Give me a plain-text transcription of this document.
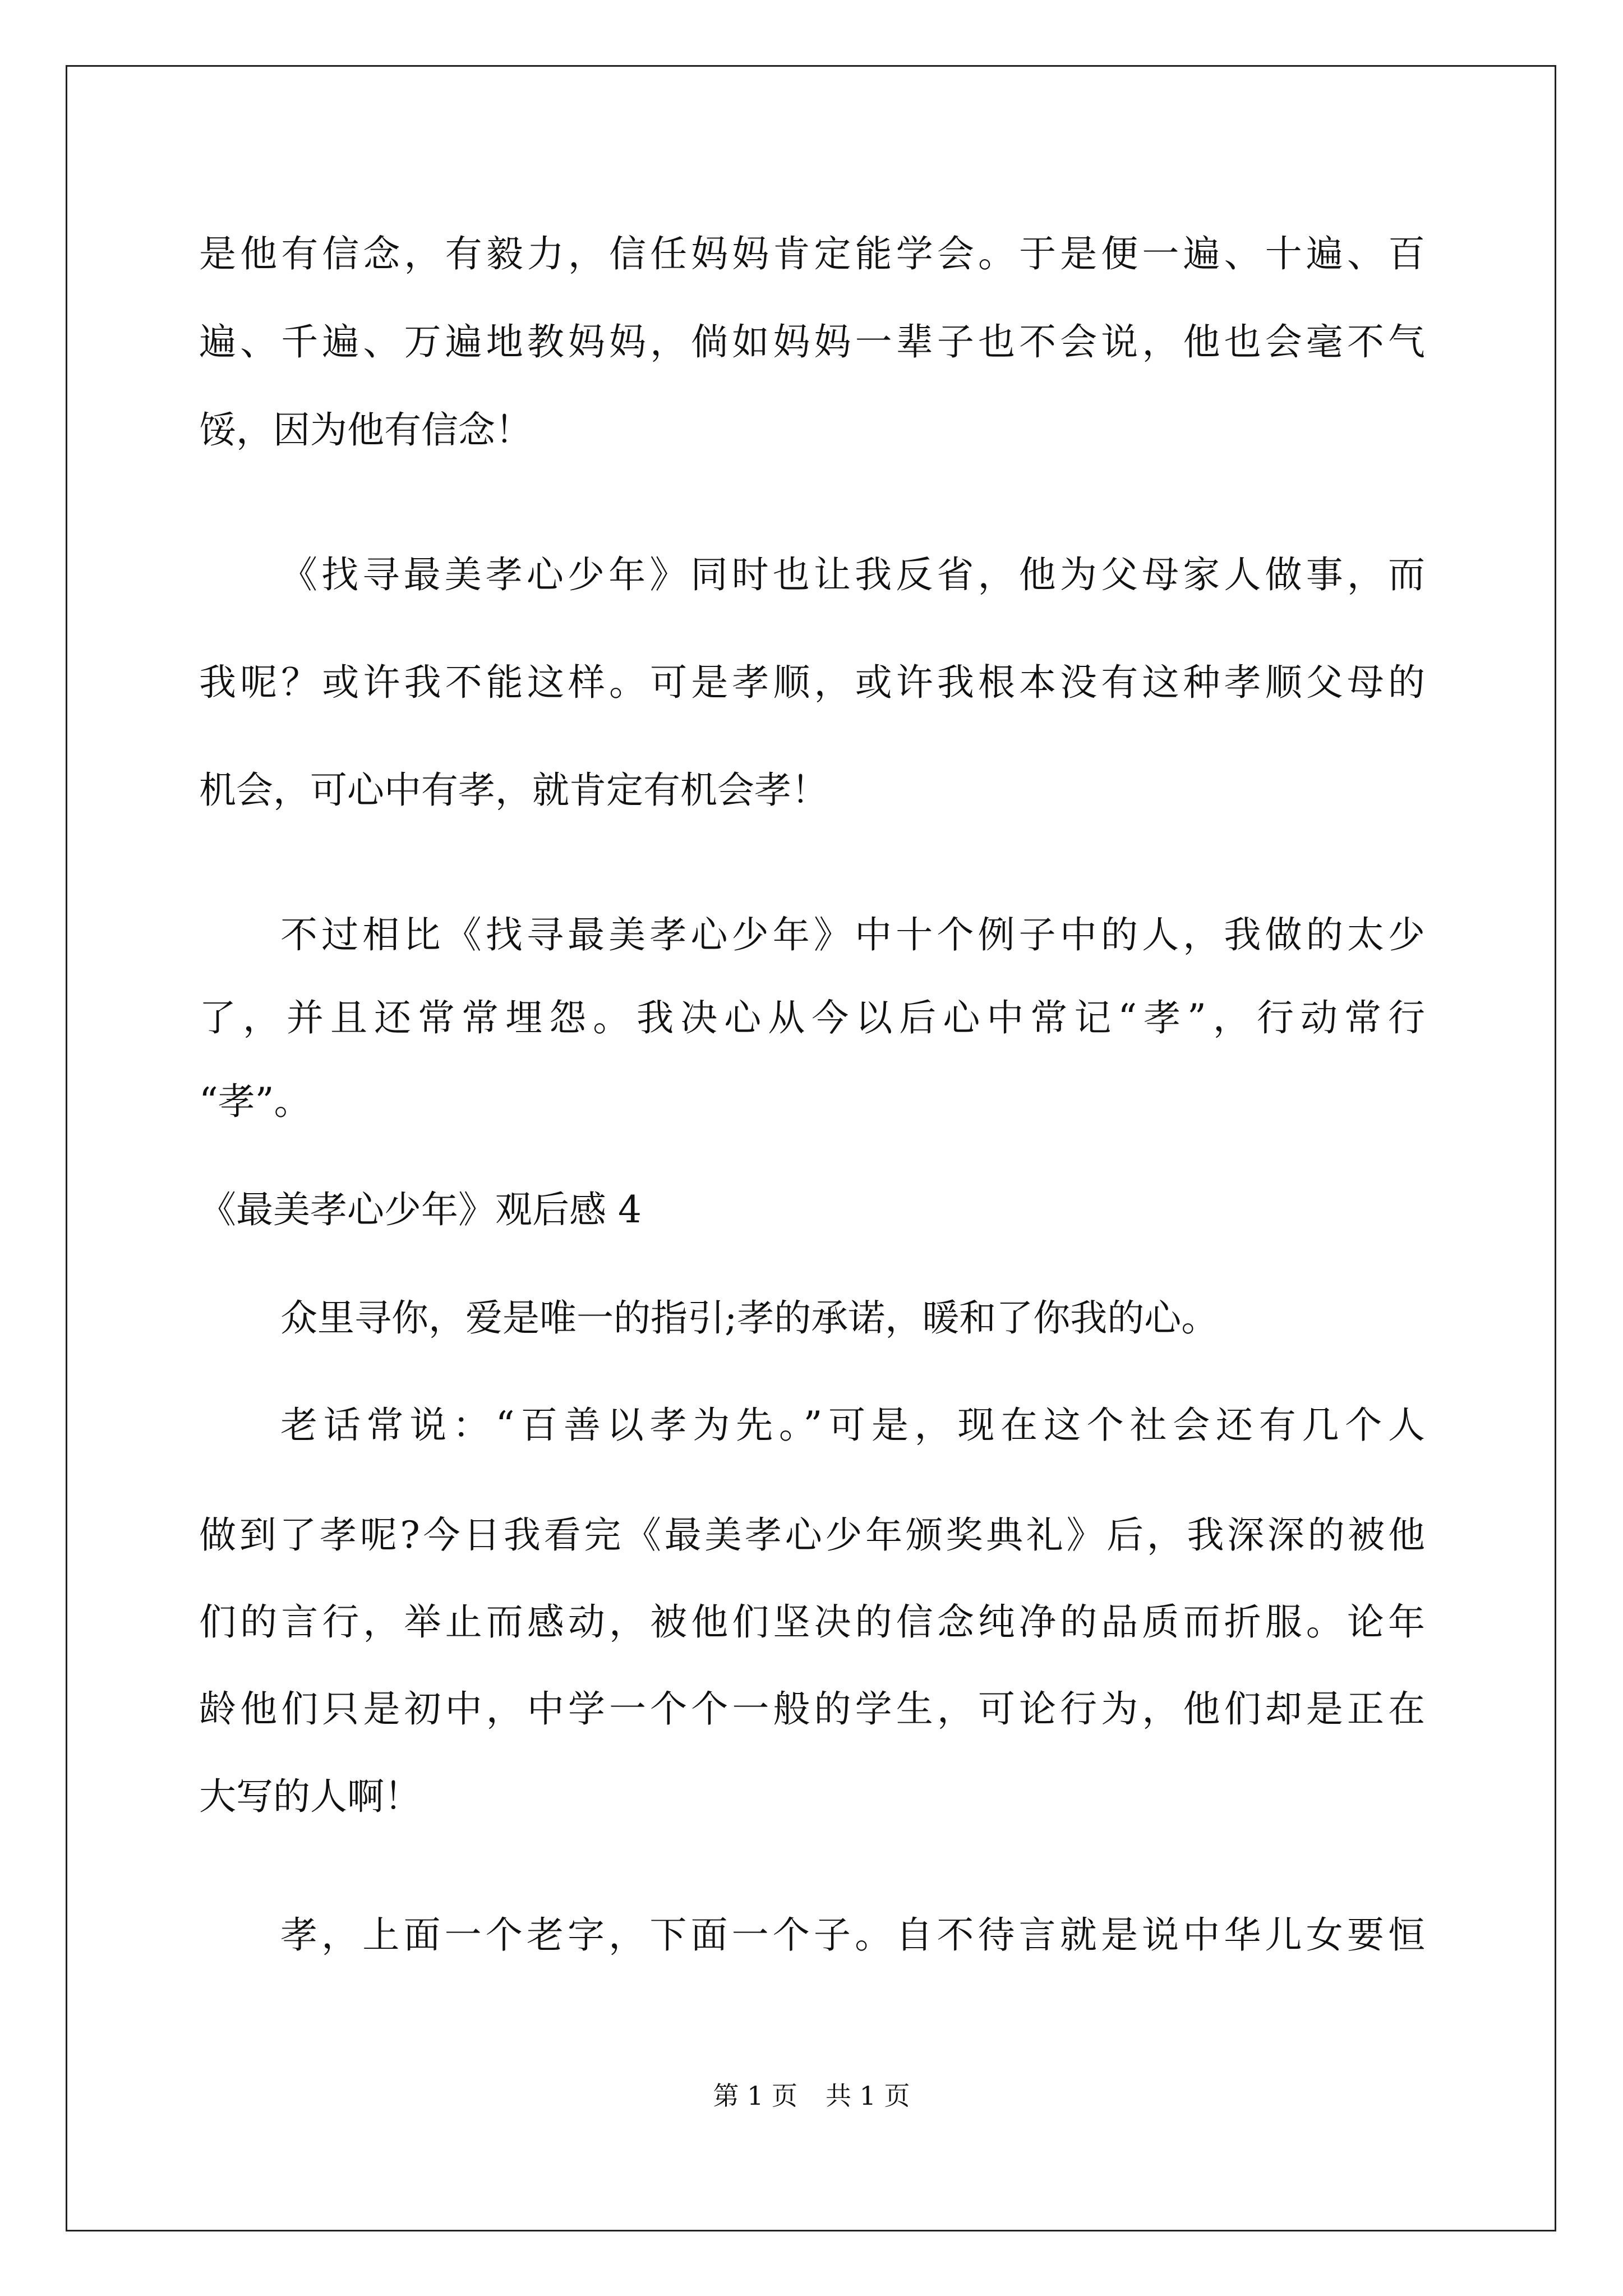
是他有信念，有毅力，信任妈妈肯定能学会。于是便一遍、十遍、百
遍、千遍、万遍地教妈妈，倘如妈妈一辈子也不会说，他也会毫不气
馁，因为他有信念！
《找寻最美孝心少年》同时也让我反省，他为父母家人做事，而
我呢？或许我不能这样。可是孝顺，或许我根本没有这种孝顺父母的
机会，可心中有孝，就肯定有机会孝！
不过相比《找寻最美孝心少年》中十个例子中的人，我做的太少
了，并且还常常埋怨。我决心从今以后心中常记“孝”，行动常行
“孝”。
《最美孝心少年》观后感 4
众里寻你，爱是唯一的指引;孝的承诺，暖和了你我的心。
老话常说：“百善以孝为先。”可是，现在这个社会还有几个人
做到了孝呢?今日我看完《最美孝心少年颁奖典礼》后，我深深的被他
们的言行，举止而感动，被他们坚决的信念纯净的品质而折服。论年
龄他们只是初中，中学一个个一般的学生，可论行为，他们却是正在
大写的人啊！
孝，上面一个老字，下面一个子。自不待言就是说中华儿女要恒
第 1 页 共 1 页
